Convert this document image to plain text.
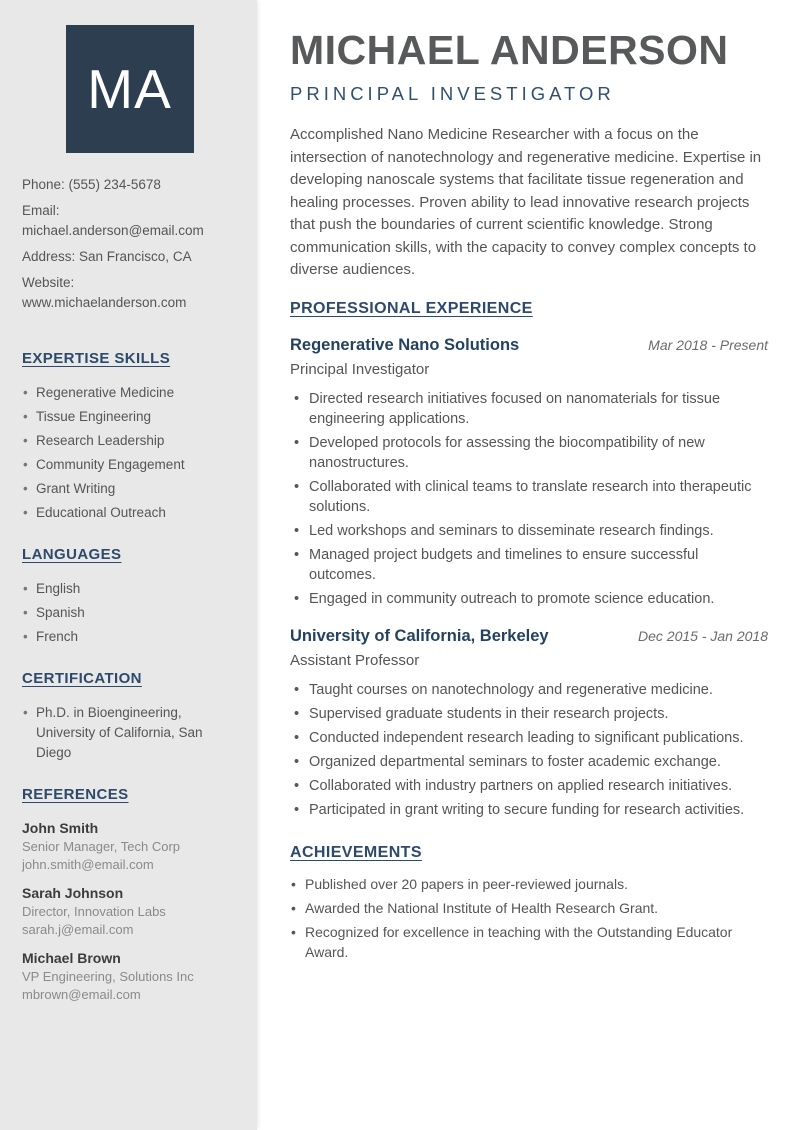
MA

Phone: (555) 234-5678

Email: michael.anderson@email.com

Address: San Francisco, CA

Website: www.michaelanderson.com

EXPERTISE SKILLS
• Regenerative Medicine
• Tissue Engineering
• Research Leadership
• Community Engagement
• Grant Writing
• Educational Outreach
LANGUAGES
• English
• Spanish
• French
CERTIFICATION
• Ph.D. in Bioengineering, University of California, San Diego
REFERENCES

John Smith

Senior Manager, Tech Corp

john.smith@email.com

Sarah Johnson

Director, Innovation Labs

sarah.j@email.com

Michael Brown

VP Engineering, Solutions Inc

mbrown@email.com

MICHAEL ANDERSON
PRINCIPAL INVESTIGATOR

Accomplished Nano Medicine Researcher with a focus on the intersection of nanotechnology and regenerative medicine. Expertise in developing nanoscale systems that facilitate tissue regeneration and healing processes. Proven ability to lead innovative research projects that push the boundaries of current scientific knowledge. Strong communication skills, with the capacity to convey complex concepts to diverse audiences.

PROFESSIONAL EXPERIENCE
Regenerative Nano Solutions	Mar 2018 - Present

Principal Investigator

• Directed research initiatives focused on nanomaterials for tissue engineering applications.
• Developed protocols for assessing the biocompatibility of new nanostructures.
• Collaborated with clinical teams to translate research into therapeutic solutions.
• Led workshops and seminars to disseminate research findings.
• Managed project budgets and timelines to ensure successful outcomes.
• Engaged in community outreach to promote science education.
University of California, Berkeley	Dec 2015 - Jan 2018

Assistant Professor

• Taught courses on nanotechnology and regenerative medicine.
• Supervised graduate students in their research projects.
• Conducted independent research leading to significant publications.
• Organized departmental seminars to foster academic exchange.
• Collaborated with industry partners on applied research initiatives.
• Participated in grant writing to secure funding for research activities.
ACHIEVEMENTS
• Published over 20 papers in peer-reviewed journals.
• Awarded the National Institute of Health Research Grant.
• Recognized for excellence in teaching with the Outstanding Educator Award.
